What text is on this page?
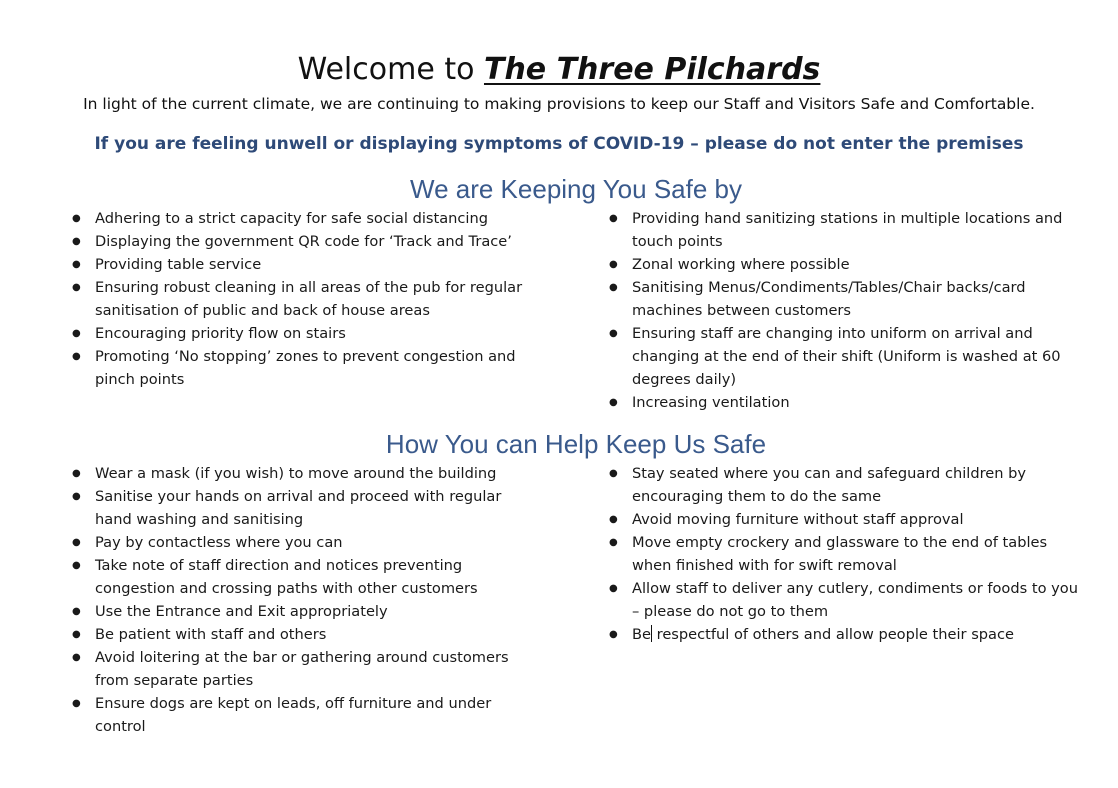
Welcome to The Three Pilchards
In light of the current climate, we are continuing to making provisions to keep our Staff and Visitors Safe and Comfortable.
If you are feeling unwell or displaying symptoms of COVID-19 – please do not enter the premises
We are Keeping You Safe by
● Adhering to a strict capacity for safe social distancing
● Displaying the government QR code for ‘Track and Trace’
● Providing table service
● Ensuring robust cleaning in all areas of the pub for regular sanitisation of public and back of house areas
● Encouraging priority flow on stairs
● Promoting ‘No stopping’ zones to prevent congestion and pinch points
● Providing hand sanitizing stations in multiple locations and touch points
● Zonal working where possible
● Sanitising Menus/Condiments/Tables/Chair backs/card machines between customers
● Ensuring staff are changing into uniform on arrival and changing at the end of their shift (Uniform is washed at 60 degrees daily)
● Increasing ventilation
How You can Help Keep Us Safe
● Wear a mask (if you wish) to move around the building
● Sanitise your hands on arrival and proceed with regular hand washing and sanitising
● Pay by contactless where you can
● Take note of staff direction and notices preventing congestion and crossing paths with other customers
● Use the Entrance and Exit appropriately
● Be patient with staff and others
● Avoid loitering at the bar or gathering around customers from separate parties
● Ensure dogs are kept on leads, off furniture and under control
● Stay seated where you can and safeguard children by encouraging them to do the same
● Avoid moving furniture without staff approval
● Move empty crockery and glassware to the end of tables when finished with for swift removal
● Allow staff to deliver any cutlery, condiments or foods to you – please do not go to them
● Be respectful of others and allow people their space
